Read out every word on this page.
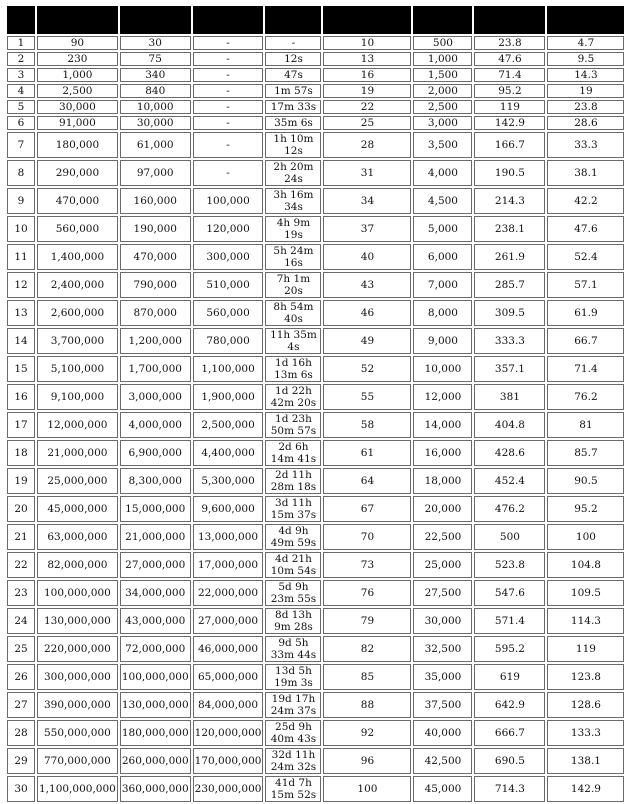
1	90	30	-	-	10	500	23.8	4.7
2	230	75	-	12s	13	1,000	47.6	9.5
3	1,000	340	-	47s	16	1,500	71.4	14.3
4	2,500	840	-	1m 57s	19	2,000	95.2	19
5	30,000	10,000	-	17m 33s	22	2,500	119	23.8
6	91,000	30,000	-	35m 6s	25	3,000	142.9	28.6
7	180,000	61,000	-	1h 10m 12s	28	3,500	166.7	33.3
8	290,000	97,000	-	2h 20m 24s	31	4,000	190.5	38.1
9	470,000	160,000	100,000	3h 16m 34s	34	4,500	214.3	42.2
10	560,000	190,000	120,000	4h 9m 19s	37	5,000	238.1	47.6
11	1,400,000	470,000	300,000	5h 24m 16s	40	6,000	261.9	52.4
12	2,400,000	790,000	510,000	7h 1m 20s	43	7,000	285.7	57.1
13	2,600,000	870,000	560,000	8h 54m 40s	46	8,000	309.5	61.9
14	3,700,000	1,200,000	780,000	11h 35m 4s	49	9,000	333.3	66.7
15	5,100,000	1,700,000	1,100,000	1d 16h 13m 6s	52	10,000	357.1	71.4
16	9,100,000	3,000,000	1,900,000	1d 22h 42m 20s	55	12,000	381	76.2
17	12,000,000	4,000,000	2,500,000	1d 23h 50m 57s	58	14,000	404.8	81
18	21,000,000	6,900,000	4,400,000	2d 6h 14m 41s	61	16,000	428.6	85.7
19	25,000,000	8,300,000	5,300,000	2d 11h 28m 18s	64	18,000	452.4	90.5
20	45,000,000	15,000,000	9,600,000	3d 11h 15m 37s	67	20,000	476.2	95.2
21	63,000,000	21,000,000	13,000,000	4d 9h 49m 59s	70	22,500	500	100
22	82,000,000	27,000,000	17,000,000	4d 21h 10m 54s	73	25,000	523.8	104.8
23	100,000,000	34,000,000	22,000,000	5d 9h 23m 55s	76	27,500	547.6	109.5
24	130,000,000	43,000,000	27,000,000	8d 13h 9m 28s	79	30,000	571.4	114.3
25	220,000,000	72,000,000	46,000,000	9d 5h 33m 44s	82	32,500	595.2	119
26	300,000,000	100,000,000	65,000,000	13d 5h 19m 3s	85	35,000	619	123.8
27	390,000,000	130,000,000	84,000,000	19d 17h 24m 37s	88	37,500	642.9	128.6
28	550,000,000	180,000,000	120,000,000	25d 9h 40m 43s	92	40,000	666.7	133.3
29	770,000,000	260,000,000	170,000,000	32d 11h 24m 32s	96	42,500	690.5	138.1
30	1,100,000,000	360,000,000	230,000,000	41d 7h 15m 52s	100	45,000	714.3	142.9
